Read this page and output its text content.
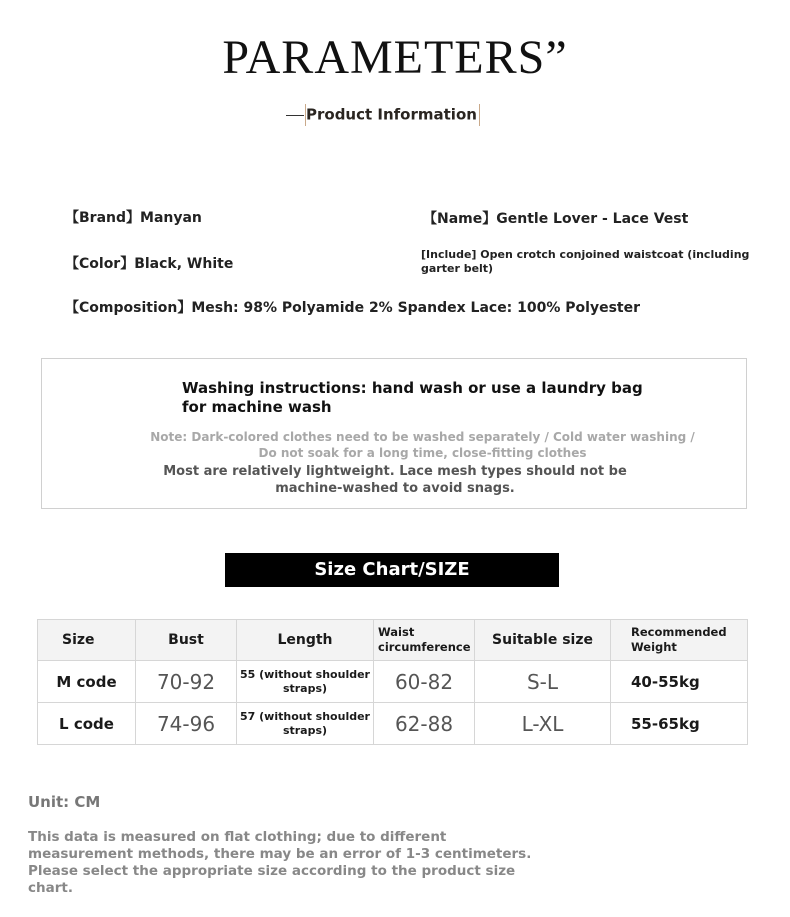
PARAMETERS”
Product Information
【Brand】Manyan	【Name】Gentle Lover - Lace Vest
【Color】Black, White
[Include] Open crotch conjoined waistcoat (including garter belt)
【Composition】Mesh: 98% Polyamide 2% Spandex Lace: 100% Polyester
Washing instructions: hand wash or use a laundry bag for machine wash
Note: Dark-colored clothes need to be washed separately / Cold water washing / Do not soak for a long time, close-fitting clothes
Most are relatively lightweight. Lace mesh types should not be machine-washed to avoid snags.
Size Chart/SIZE
Size	Bust	Length	Waist circumference	Suitable size	Recommended Weight
M code	70-92	55 (without shoulder straps)	60-82	S-L	40-55kg
L code	74-96	57 (without shoulder straps)	62-88	L-XL	55-65kg
Unit: CM
This data is measured on flat clothing; due to different measurement methods, there may be an error of 1-3 centimeters. Please select the appropriate size according to the product size chart.
